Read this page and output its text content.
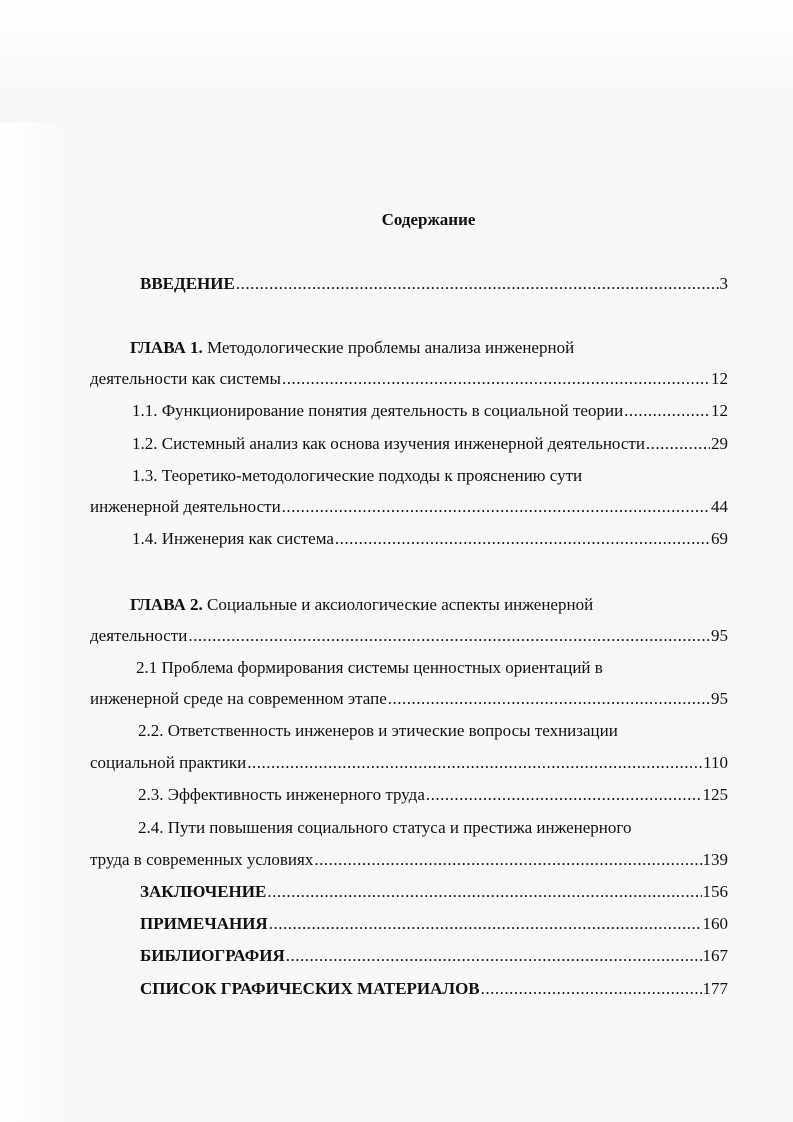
Содержание
ВВЕДЕНИЕ .....	3
ГЛАВА 1. Методологические проблемы анализа инженерной
деятельности как системы .....	12
1.1. Функционирование понятия деятельность в социальной теории .....	12
1.2. Системный анализ как основа изучения инженерной деятельности .....	29
1.3. Теоретико-методологические подходы к прояснению сути
инженерной деятельности .....	44
1.4. Инженерия как система .....	69
ГЛАВА 2. Социальные и аксиологические аспекты инженерной
деятельности .....	95
2.1 Проблема формирования системы ценностных ориентаций в
инженерной среде на современном этапе .....	95
2.2. Ответственность инженеров и этические вопросы технизации
социальной практики .....	110
2.3. Эффективность инженерного труда .....	125
2.4. Пути повышения социального статуса и престижа инженерного
труда в современных условиях .....	139
ЗАКЛЮЧЕНИЕ .....	156
ПРИМЕЧАНИЯ .....	160
БИБЛИОГРАФИЯ .....	167
СПИСОК ГРАФИЧЕСКИХ МАТЕРИАЛОВ .....	177
